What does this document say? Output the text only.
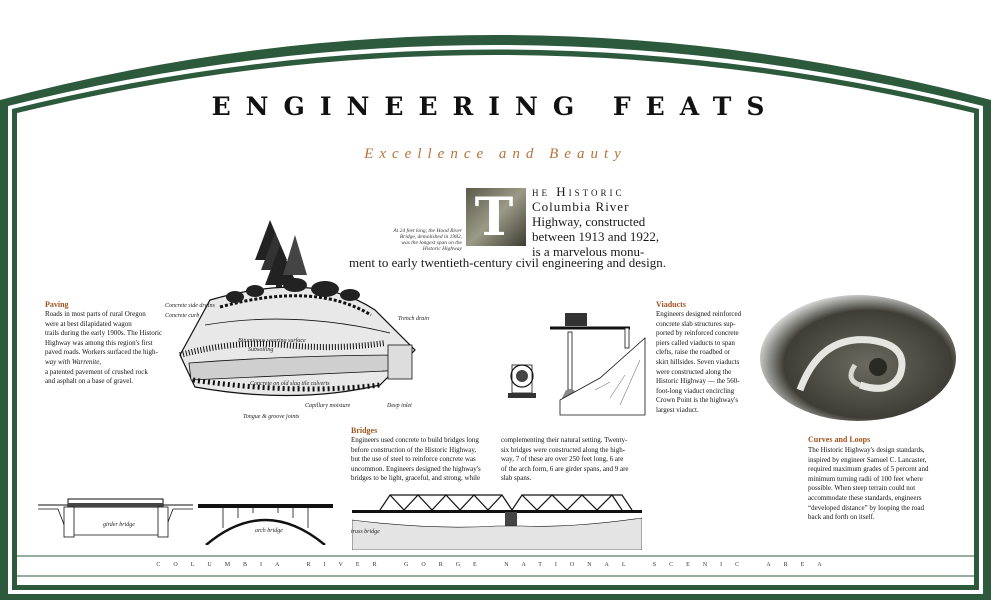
ENGINEERING FEATS
Excellence and Beauty
T
At 24 feet long, the Hood River Bridge, demolished in 1982, was the longest span on the Historic Highway
he Historic
Columbia River
Highway, constructed
between 1913 and 1922,
is a marvelous monu-
ment to early twentieth-century civil engineering and design.
Concrete side drains
Concrete curb
Bituminous wearing surface
Subsoiling
Trench drain
Concrete on old slag tile culverts
Capillary moisture	Deep inlet
Tongue & groove joints
Paving
Roads in most parts of rural Oregon
were at best dilapidated wagon
trails during the early 1900s. The Historic
Highway was among this region's first
paved roads. Workers surfaced the high-
way with Warrenite,
a patented pavement of crushed rock
and asphalt on a base of gravel.
Viaducts
Engineers designed reinforced
concrete slab structures sup-
ported by reinforced concrete
piers called viaducts to span
clefts, raise the roadbed or
skirt hillsides. Seven viaducts
were constructed along the
Historic Highway — the 560-
foot-long viaduct encircling
Crown Point is the highway's
largest viaduct.
Curves and Loops
The Historic Highway's design standards,
inspired by engineer Samuel C. Lancaster,
required maximum grades of 5 percent and
minimum turning radii of 100 feet where
possible. When steep terrain could not
accommodate these standards, engineers
“developed distance” by looping the road
back and forth on itself.
Bridges
Engineers used concrete to build bridges long
before construction of the Historic Highway,
but the use of steel to reinforce concrete was
uncommon. Engineers designed the highway's
bridges to be light, graceful, and strong, while
complementing their natural setting. Twenty-
six bridges were constructed along the high-
way, 7 of these are over 250 feet long, 6 are
of the arch form, 6 are girder spans, and 9 are
slab spans.
girder bridge
arch bridge	truss bridge
COLUMBIA RIVER GORGE NATIONAL SCENIC AREA
